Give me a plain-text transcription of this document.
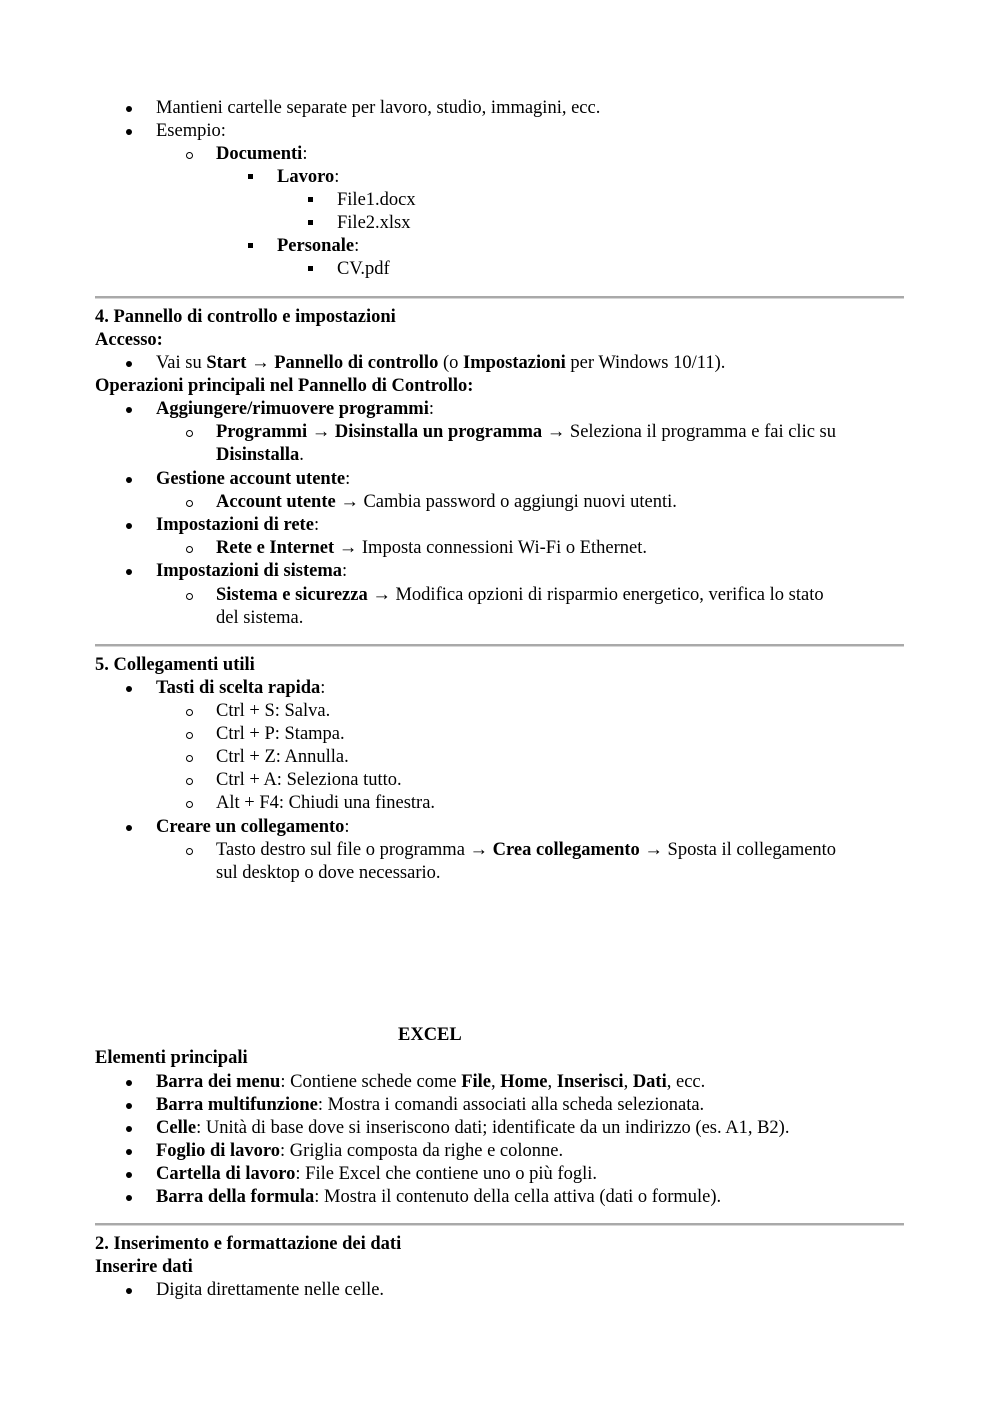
Mantieni cartelle separate per lavoro, studio, immagini, ecc.
Esempio:
Documenti:
Lavoro:
File1.docx
File2.xlsx
Personale:
CV.pdf
4. Pannello di controllo e impostazioni
Accesso:
Vai su Start → Pannello di controllo (o Impostazioni per Windows 10/11).
Operazioni principali nel Pannello di Controllo:
Aggiungere/rimuovere programmi:
Programmi → Disinstalla un programma → Seleziona il programma e fai clic su
Disinstalla.
Gestione account utente:
Account utente → Cambia password o aggiungi nuovi utenti.
Impostazioni di rete:
Rete e Internet → Imposta connessioni Wi-Fi o Ethernet.
Impostazioni di sistema:
Sistema e sicurezza → Modifica opzioni di risparmio energetico, verifica lo stato
del sistema.
5. Collegamenti utili
Tasti di scelta rapida:
Ctrl + S: Salva.
Ctrl + P: Stampa.
Ctrl + Z: Annulla.
Ctrl + A: Seleziona tutto.
Alt + F4: Chiudi una finestra.
Creare un collegamento:
Tasto destro sul file o programma → Crea collegamento → Sposta il collegamento
sul desktop o dove necessario.
EXCEL
Elementi principali
Barra dei menu: Contiene schede come File, Home, Inserisci, Dati, ecc.
Barra multifunzione: Mostra i comandi associati alla scheda selezionata.
Celle: Unità di base dove si inseriscono dati; identificate da un indirizzo (es. A1, B2).
Foglio di lavoro: Griglia composta da righe e colonne.
Cartella di lavoro: File Excel che contiene uno o più fogli.
Barra della formula: Mostra il contenuto della cella attiva (dati o formule).
2. Inserimento e formattazione dei dati
Inserire dati
Digita direttamente nelle celle.
